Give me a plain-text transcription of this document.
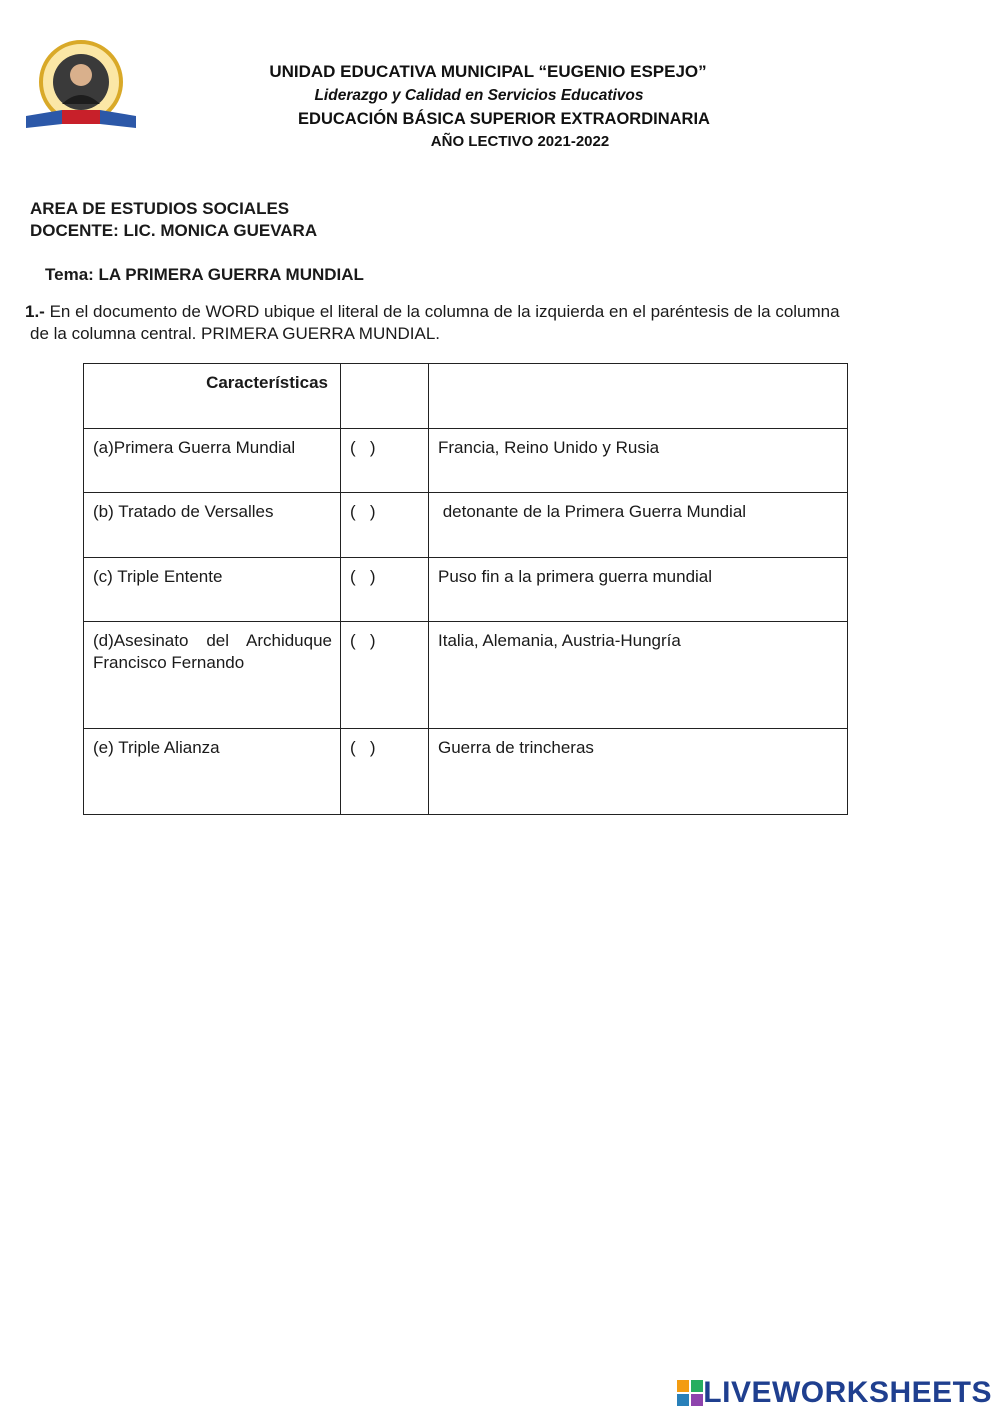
UNIDAD EDUCATIVA MUNICIPAL “EUGENIO ESPEJO”
Liderazgo y Calidad en Servicios Educativos
EDUCACIÓN BÁSICA SUPERIOR EXTRAORDINARIA
AÑO LECTIVO 2021-2022
AREA DE ESTUDIOS SOCIALES
DOCENTE: LIC. MONICA GUEVARA
Tema: LA PRIMERA GUERRA MUNDIAL
1.- En el documento de WORD ubique el literal de la columna de la izquierda en el paréntesis de la columna
de la columna central. PRIMERA GUERRA MUNDIAL.
Características		
(a)Primera Guerra Mundial	(   )	Francia, Reino Unido y Rusia
(b) Tratado de Versalles	(   )	detonante de la Primera Guerra Mundial
(c) Triple Entente	(   )	Puso fin a la primera guerra mundial
(d)Asesinato del Archiduque Francisco Fernando	(   )	Italia, Alemania, Austria-Hungría
(e) Triple Alianza	(   )	Guerra de trincheras
LIVEWORKSHEETS
